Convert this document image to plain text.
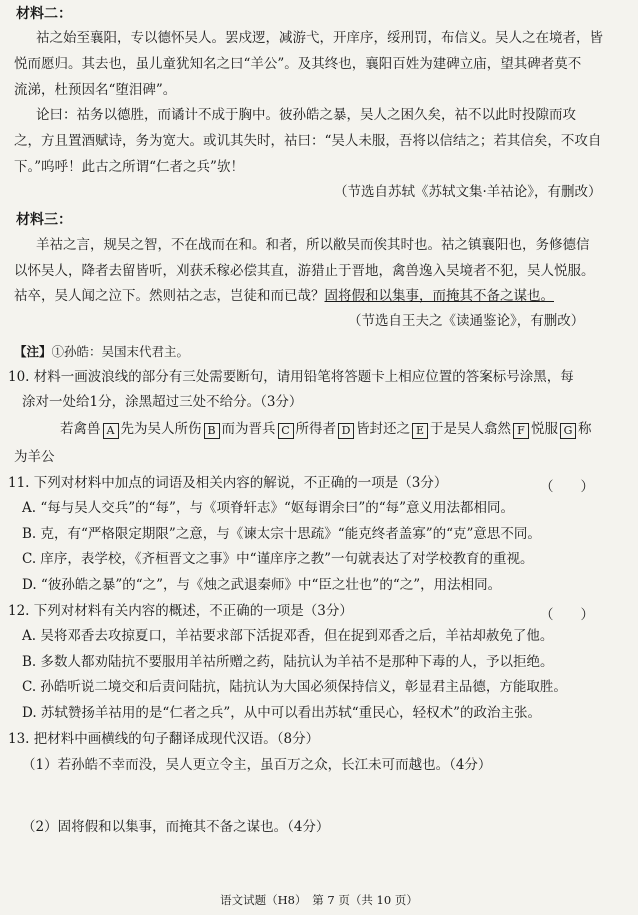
材料二：
祜之始至襄阳，专以德怀吴人。罢戍逻，减游弋，开庠序，绥刑罚，布信义。吴人之在境者，皆
悦而愿归。其去也，虽儿童犹知名之曰“羊公”。及其终也，襄阳百姓为建碑立庙，望其碑者莫不
流涕，杜预因名“堕泪碑”。
论曰：祜务以德胜，而谲计不成于胸中。彼孙皓之暴，吴人之困久矣，祜不以此时投隙而攻
之，方且置酒赋诗，务为宽大。或讥其失时，祜曰：“吴人未服，吾将以信结之；若其信矣，不攻自
下。”呜呼！此古之所谓“仁者之兵”欤！
（节选自苏轼《苏轼文集·羊祜论》，有删改）
材料三：
羊祜之言，规吴之智，不在战而在和。和者，所以敝吴而俟其时也。祜之镇襄阳也，务修德信
以怀吴人，降者去留皆听，刈获禾稼必偿其直，游猎止于晋地，禽兽逸入吴境者不犯，吴人悦服。
祜卒，吴人闻之泣下。然则祜之志，岂徒和而已哉？固将假和以集事，而掩其不备之谋也。
（节选自王夫之《读通鉴论》，有删改）
【注】①孙皓：吴国末代君主。
10. 材料一画波浪线的部分有三处需要断句，请用铅笔将答题卡上相应位置的答案标号涂黑，每
涂对一处给1分，涂黑超过三处不给分。（3分）
若禽兽 A 先为吴人所伤 B 而为晋兵 C 所得者 D 皆封还之 E 于是吴人翕然 F 悦服 G 称
为羊公
11. 下列对材料中加点的词语及相关内容的解说，不正确的一项是（3分）	（　　）
A. “每与吴人交兵”的“每”，与《项脊轩志》“妪每谓余曰”的“每”意义用法都相同。
B. 克，有“严格限定期限”之意，与《谏太宗十思疏》“能克终者盖寡”的“克”意思不同。
C. 庠序，表学校，《齐桓晋文之事》中“谨庠序之教”一句就表达了对学校教育的重视。
D. “彼孙皓之暴”的“之”，与《烛之武退秦师》中“臣之壮也”的“之”，用法相同。
12. 下列对材料有关内容的概述，不正确的一项是（3分）	（　　）
A. 吴将邓香去攻掠夏口，羊祜要求部下活捉邓香，但在捉到邓香之后，羊祜却赦免了他。
B. 多数人都劝陆抗不要服用羊祜所赠之药，陆抗认为羊祜不是那种下毒的人，予以拒绝。
C. 孙皓听说二境交和后责问陆抗，陆抗认为大国必须保持信义，彰显君主品德，方能取胜。
D. 苏轼赞扬羊祜用的是“仁者之兵”，从中可以看出苏轼“重民心，轻权术”的政治主张。
13. 把材料中画横线的句子翻译成现代汉语。（8分）
（1）若孙皓不幸而没，吴人更立令主，虽百万之众，长江未可而越也。（4分）
（2）固将假和以集事，而掩其不备之谋也。（4分）
语文试题（H8）　第 7 页（共 10 页）
